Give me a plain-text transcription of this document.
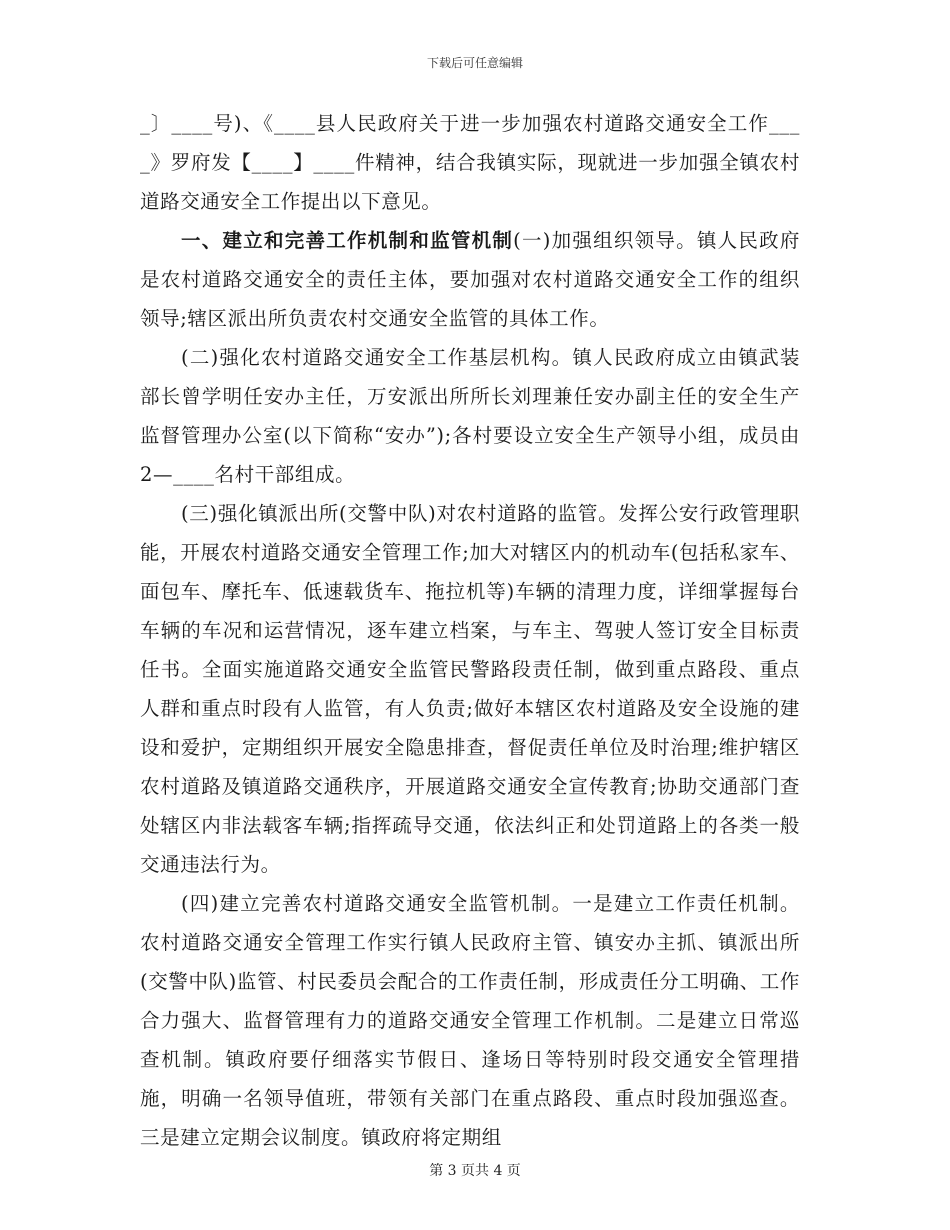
下载后可任意编辑

_〕____号)、《____县人民政府关于进一步加强农村道路交通安全工作____》罗府发【____】____件精神，结合我镇实际，现就进一步加强全镇农村道路交通安全工作提出以下意见。

一、建立和完善工作机制和监管机制(一)加强组织领导。镇人民政府是农村道路交通安全的责任主体，要加强对农村道路交通安全工作的组织领导;辖区派出所负责农村交通安全监管的具体工作。

(二)强化农村道路交通安全工作基层机构。镇人民政府成立由镇武装部长曾学明任安办主任，万安派出所所长刘理兼任安办副主任的安全生产监督管理办公室(以下简称“安办”);各村要设立安全生产领导小组，成员由2—____名村干部组成。

(三)强化镇派出所(交警中队)对农村道路的监管。发挥公安行政管理职能，开展农村道路交通安全管理工作;加大对辖区内的机动车(包括私家车、面包车、摩托车、低速载货车、拖拉机等)车辆的清理力度，详细掌握每台车辆的车况和运营情况，逐车建立档案，与车主、驾驶人签订安全目标责任书。全面实施道路交通安全监管民警路段责任制，做到重点路段、重点人群和重点时段有人监管，有人负责;做好本辖区农村道路及安全设施的建设和爱护，定期组织开展安全隐患排查，督促责任单位及时治理;维护辖区农村道路及镇道路交通秩序，开展道路交通安全宣传教育;协助交通部门查处辖区内非法载客车辆;指挥疏导交通，依法纠正和处罚道路上的各类一般交通违法行为。

(四)建立完善农村道路交通安全监管机制。一是建立工作责任机制。农村道路交通安全管理工作实行镇人民政府主管、镇安办主抓、镇派出所(交警中队)监管、村民委员会配合的工作责任制，形成责任分工明确、工作合力强大、监督管理有力的道路交通安全管理工作机制。二是建立日常巡查机制。镇政府要仔细落实节假日、逢场日等特别时段交通安全管理措施，明确一名领导值班，带领有关部门在重点路段、重点时段加强巡查。三是建立定期会议制度。镇政府将定期组

第 3 页共 4 页
